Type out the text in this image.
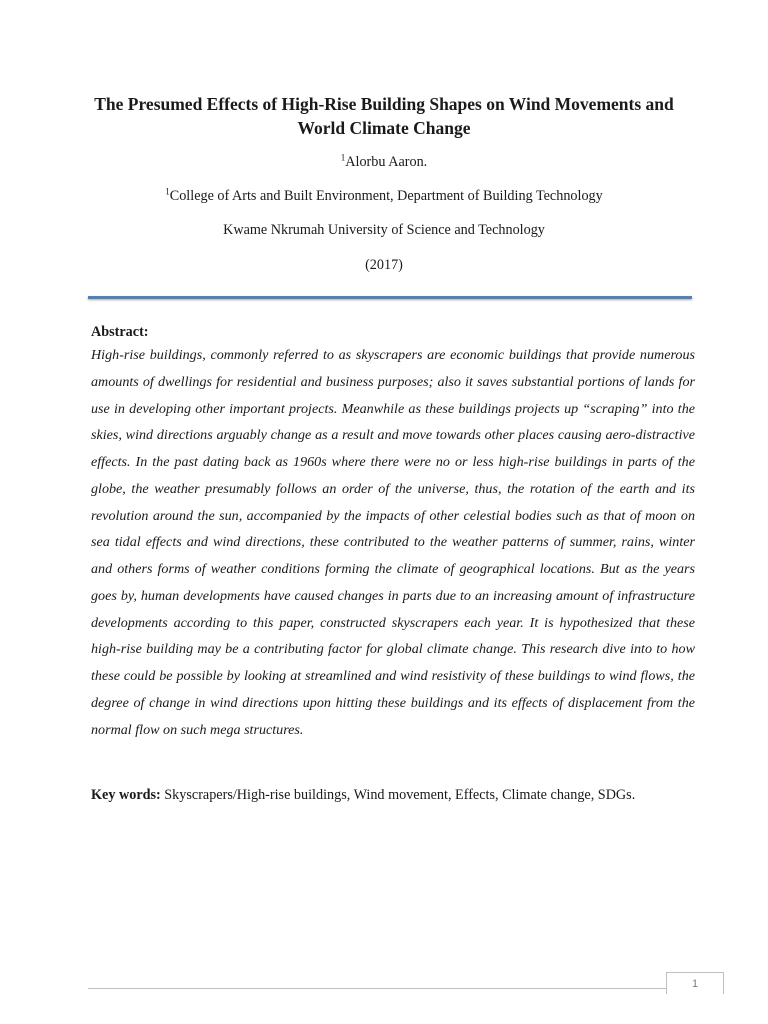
The Presumed Effects of High-Rise Building Shapes on Wind Movements and World Climate Change
$^1$Alorbu Aaron.
$^1$College of Arts and Built Environment, Department of Building Technology
Kwame Nkrumah University of Science and Technology
(2017)
Abstract:

High-rise buildings, commonly referred to as skyscrapers are economic buildings that provide numerous amounts of dwellings for residential and business purposes; also it saves substantial portions of lands for use in developing other important projects. Meanwhile as these buildings projects up “scraping” into the skies, wind directions arguably change as a result and move towards other places causing aero-distractive effects. In the past dating back as 1960s where there were no or less high-rise buildings in parts of the globe, the weather presumably follows an order of the universe, thus, the rotation of the earth and its revolution around the sun, accompanied by the impacts of other celestial bodies such as that of moon on sea tidal effects and wind directions, these contributed to the weather patterns of summer, rains, winter and others forms of weather conditions forming the climate of geographical locations. But as the years goes by, human developments have caused changes in parts due to an increasing amount of infrastructure developments according to this paper, constructed skyscrapers each year. It is hypothesized that these high-rise building may be a contributing factor for global climate change. This research dive into to how these could be possible by looking at streamlined and wind resistivity of these buildings to wind flows, the degree of change in wind directions upon hitting these buildings and its effects of displacement from the normal flow on such mega structures.

Key words: Skyscrapers/High-rise buildings, Wind movement, Effects, Climate change, SDGs.
1
